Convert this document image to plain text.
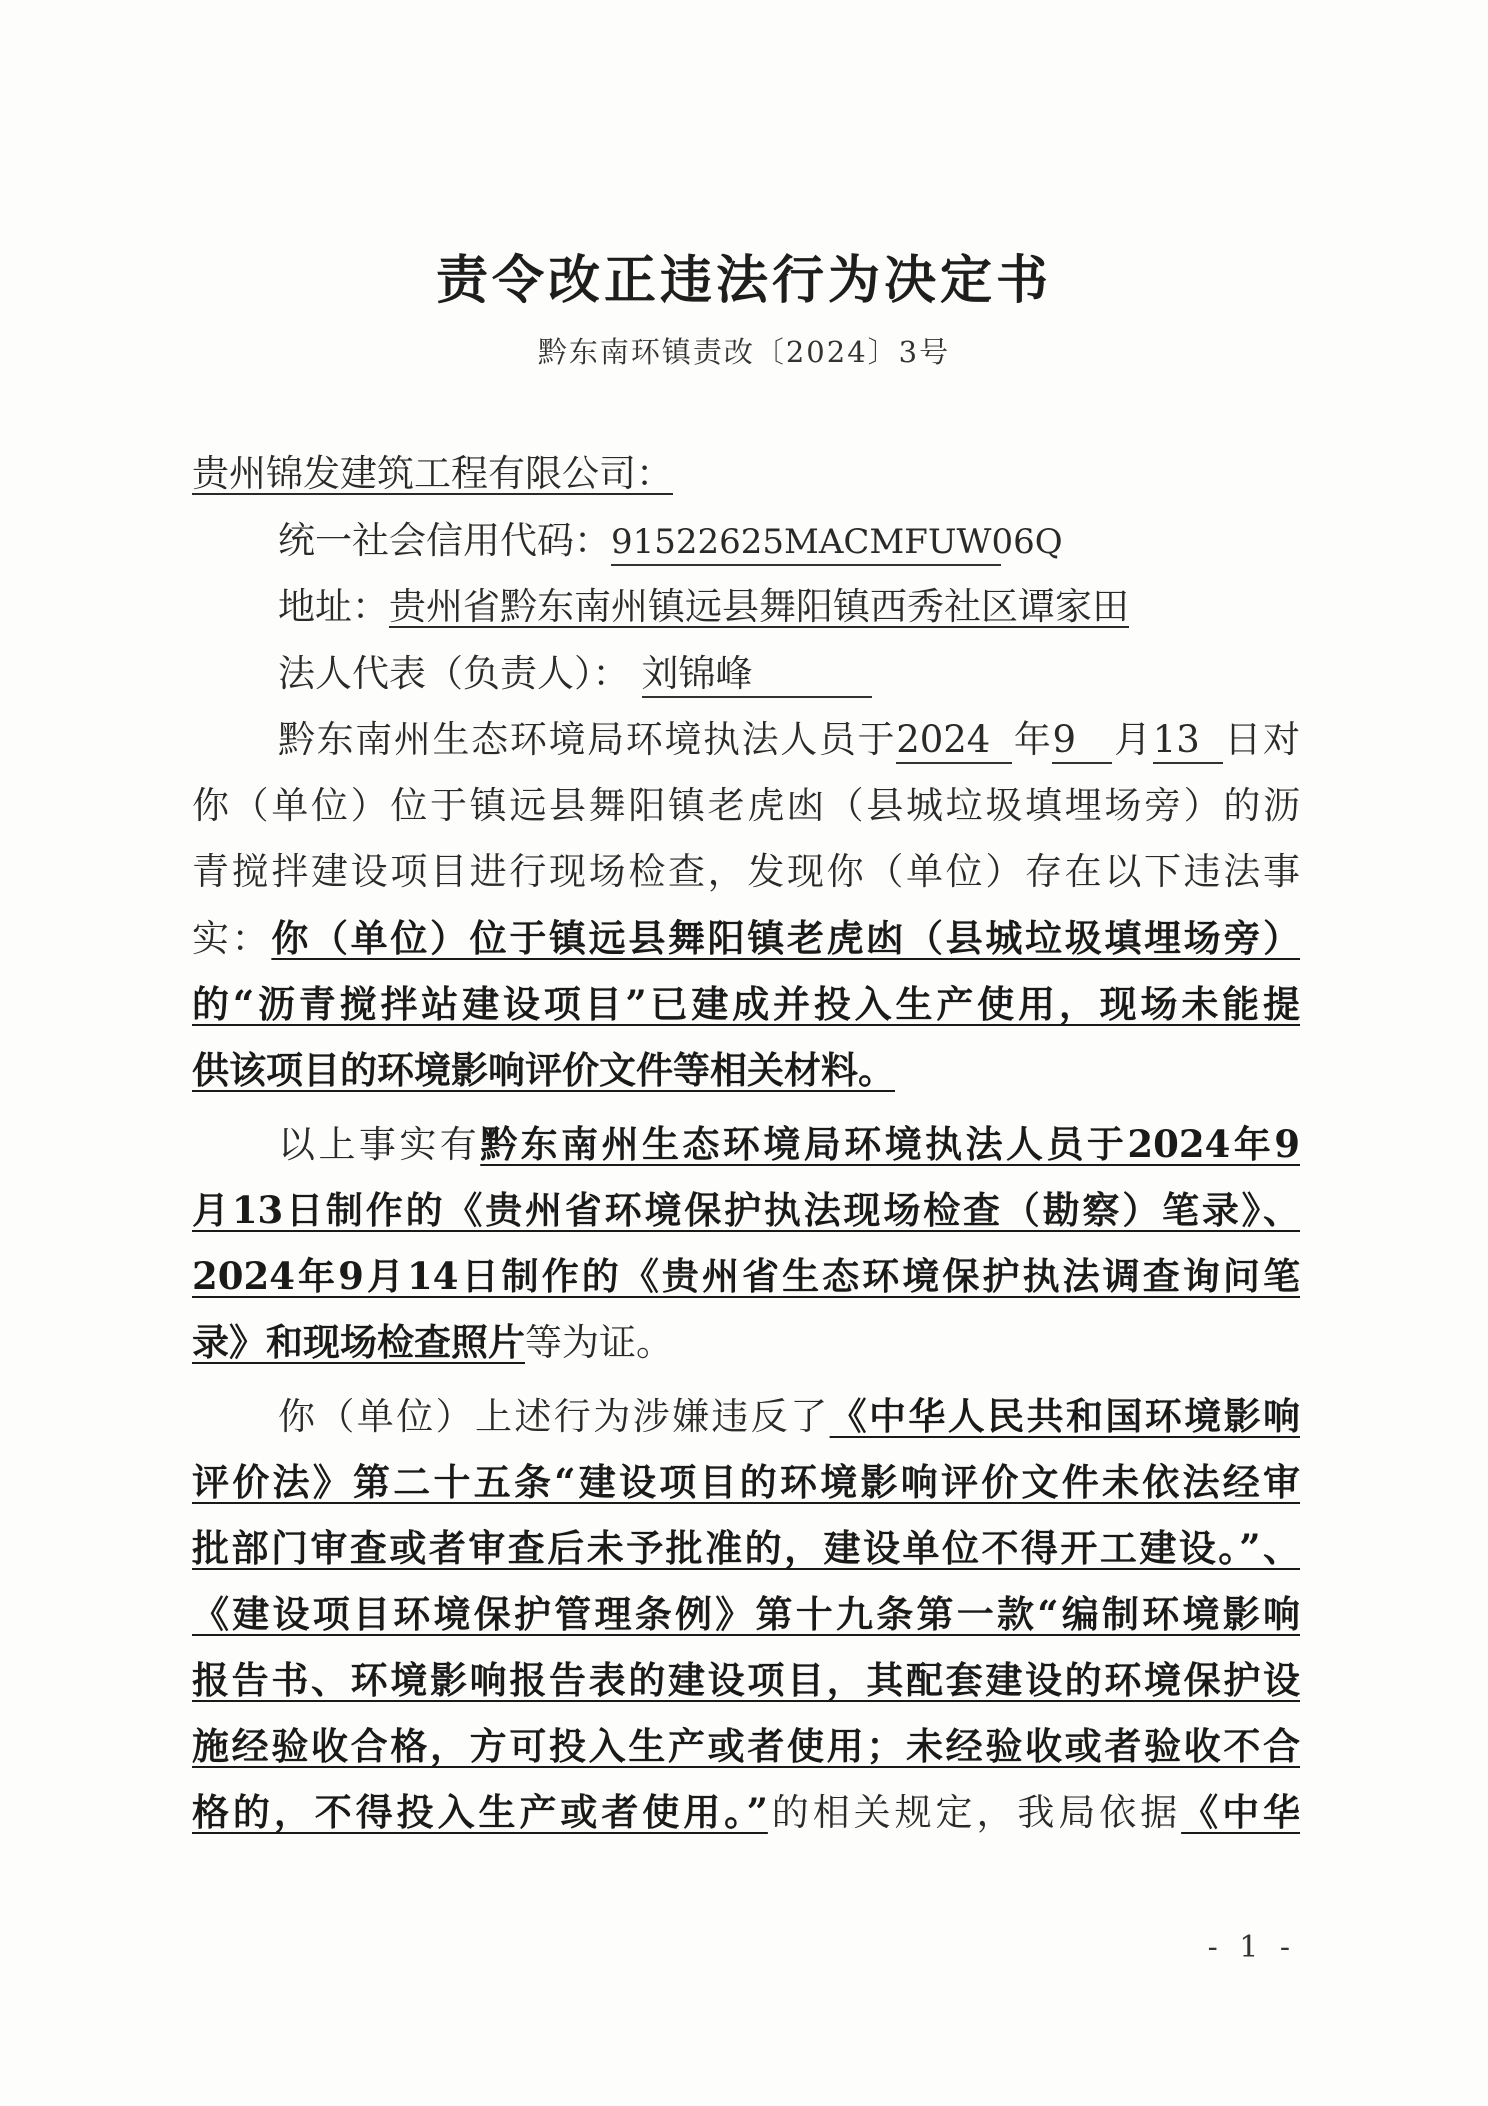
责令改正违法行为决定书
黔东南环镇责改〔2024〕3号
贵州锦发建筑工程有限公司：
统一社会信用代码：91522625MACMFUW06Q
地址：贵州省黔东南州镇远县舞阳镇西秀社区谭家田
法人代表（负责人）： 刘锦峰
黔东南州生态环境局环境执法人员于2024 年9 月13 日对
你（单位）位于镇远县舞阳镇老虎凼（县城垃圾填埋场旁）的沥
青搅拌建设项目进行现场检查，发现你（单位）存在以下违法事
实：你（单位）位于镇远县舞阳镇老虎凼（县城垃圾填埋场旁）
的“沥青搅拌站建设项目”已建成并投入生产使用，现场未能提
供该项目的环境影响评价文件等相关材料。
以上事实有黔东南州生态环境局环境执法人员于2024年9
月13日制作的《贵州省环境保护执法现场检查（勘察）笔录》、
2024年9月14日制作的《贵州省生态环境保护执法调查询问笔
录》和现场检查照片等为证。
你（单位）上述行为涉嫌违反了《中华人民共和国环境影响
评价法》第二十五条“建设项目的环境影响评价文件未依法经审
批部门审查或者审查后未予批准的，建设单位不得开工建设。”、
《建设项目环境保护管理条例》第十九条第一款“编制环境影响
报告书、环境影响报告表的建设项目，其配套建设的环境保护设
施经验收合格，方可投入生产或者使用；未经验收或者验收不合
格的，不得投入生产或者使用。”的相关规定，我局依据《中华
- 1 -
